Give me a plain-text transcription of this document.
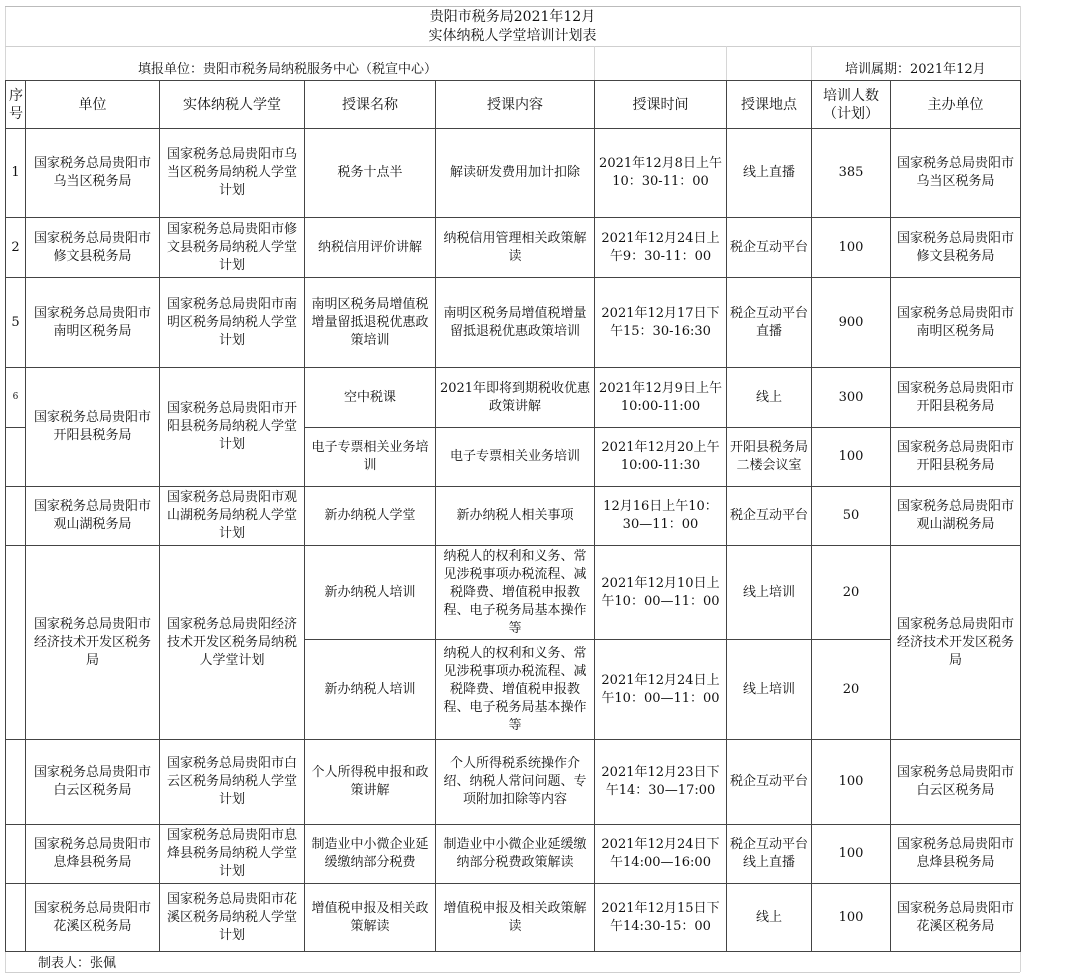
贵阳市税务局2021年12月
实体纳税人学堂培训计划表
填报单位：贵阳市税务局纳税服务中心（税宣中心）	培训属期：2021年12月
序号	单位	实体纳税人学堂	授课名称	授课内容	授课时间	授课地点	培训人数（计划）	主办单位	
1	国家税务总局贵阳市乌当区税务局	国家税务总局贵阳市乌当区税务局纳税人学堂计划	税务十点半	解读研发费用加计扣除	2021年12月8日上午10：30-11：00	线上直播	385	国家税务总局贵阳市乌当区税务局	
2	国家税务总局贵阳市修文县税务局	国家税务总局贵阳市修文县税务局纳税人学堂计划	纳税信用评价讲解	纳税信用管理相关政策解读	2021年12月24日上午9：30-11：00	税企互动平台	100	国家税务总局贵阳市修文县税务局	
5	国家税务总局贵阳市南明区税务局	国家税务总局贵阳市南明区税务局纳税人学堂计划	南明区税务局增值税增量留抵退税优惠政策培训	南明区税务局增值税增量留抵退税优惠政策培训	2021年12月17日下午15：30-16:30	税企互动平台直播	900	国家税务总局贵阳市南明区税务局	
6	国家税务总局贵阳市开阳县税务局	国家税务总局贵阳市开阳县税务局纳税人学堂计划	空中税课	2021年即将到期税收优惠政策讲解	2021年12月9日上午10:00-11:00	线上	300	国家税务总局贵阳市开阳县税务局	
			电子专票相关业务培训	电子专票相关业务培训	2021年12月20上午10:00-11:30	开阳县税务局二楼会议室	100	国家税务总局贵阳市开阳县税务局	
	国家税务总局贵阳市观山湖税务局	国家税务总局贵阳市观山湖税务局纳税人学堂计划	新办纳税人学堂	新办纳税人相关事项	12月16日上午10：30—11：00	税企互动平台	50	国家税务总局贵阳市观山湖税务局	
	国家税务总局贵阳市经济技术开发区税务局	国家税务总局贵阳经济技术开发区税务局纳税人学堂计划	新办纳税人培训	纳税人的权利和义务、常见涉税事项办税流程、减税降费、增值税申报教程、电子税务局基本操作等	2021年12月10日上午10：00—11：00	线上培训	20	国家税务总局贵阳市经济技术开发区税务局	
			新办纳税人培训	纳税人的权利和义务、常见涉税事项办税流程、减税降费、增值税申报教程、电子税务局基本操作等	2021年12月24日上午10：00—11：00	线上培训	20		
	国家税务总局贵阳市白云区税务局	国家税务总局贵阳市白云区税务局纳税人学堂计划	个人所得税申报和政策讲解	个人所得税系统操作介绍、纳税人常问问题、专项附加扣除等内容	2021年12月23日下午14：30—17:00	税企互动平台	100	国家税务总局贵阳市白云区税务局	
	国家税务总局贵阳市息烽县税务局	国家税务总局贵阳市息烽县税务局纳税人学堂计划	制造业中小微企业延缓缴纳部分税费	制造业中小微企业延缓缴纳部分税费政策解读	2021年12月24日下午14:00—16:00	税企互动平台线上直播	100	国家税务总局贵阳市息烽县税务局	
	国家税务总局贵阳市花溪区税务局	国家税务总局贵阳市花溪区税务局纳税人学堂计划	增值税申报及相关政策解读	增值税申报及相关政策解读	2021年12月15日下午14:30-15：00	线上	100	国家税务总局贵阳市花溪区税务局	
制表人：张佩
